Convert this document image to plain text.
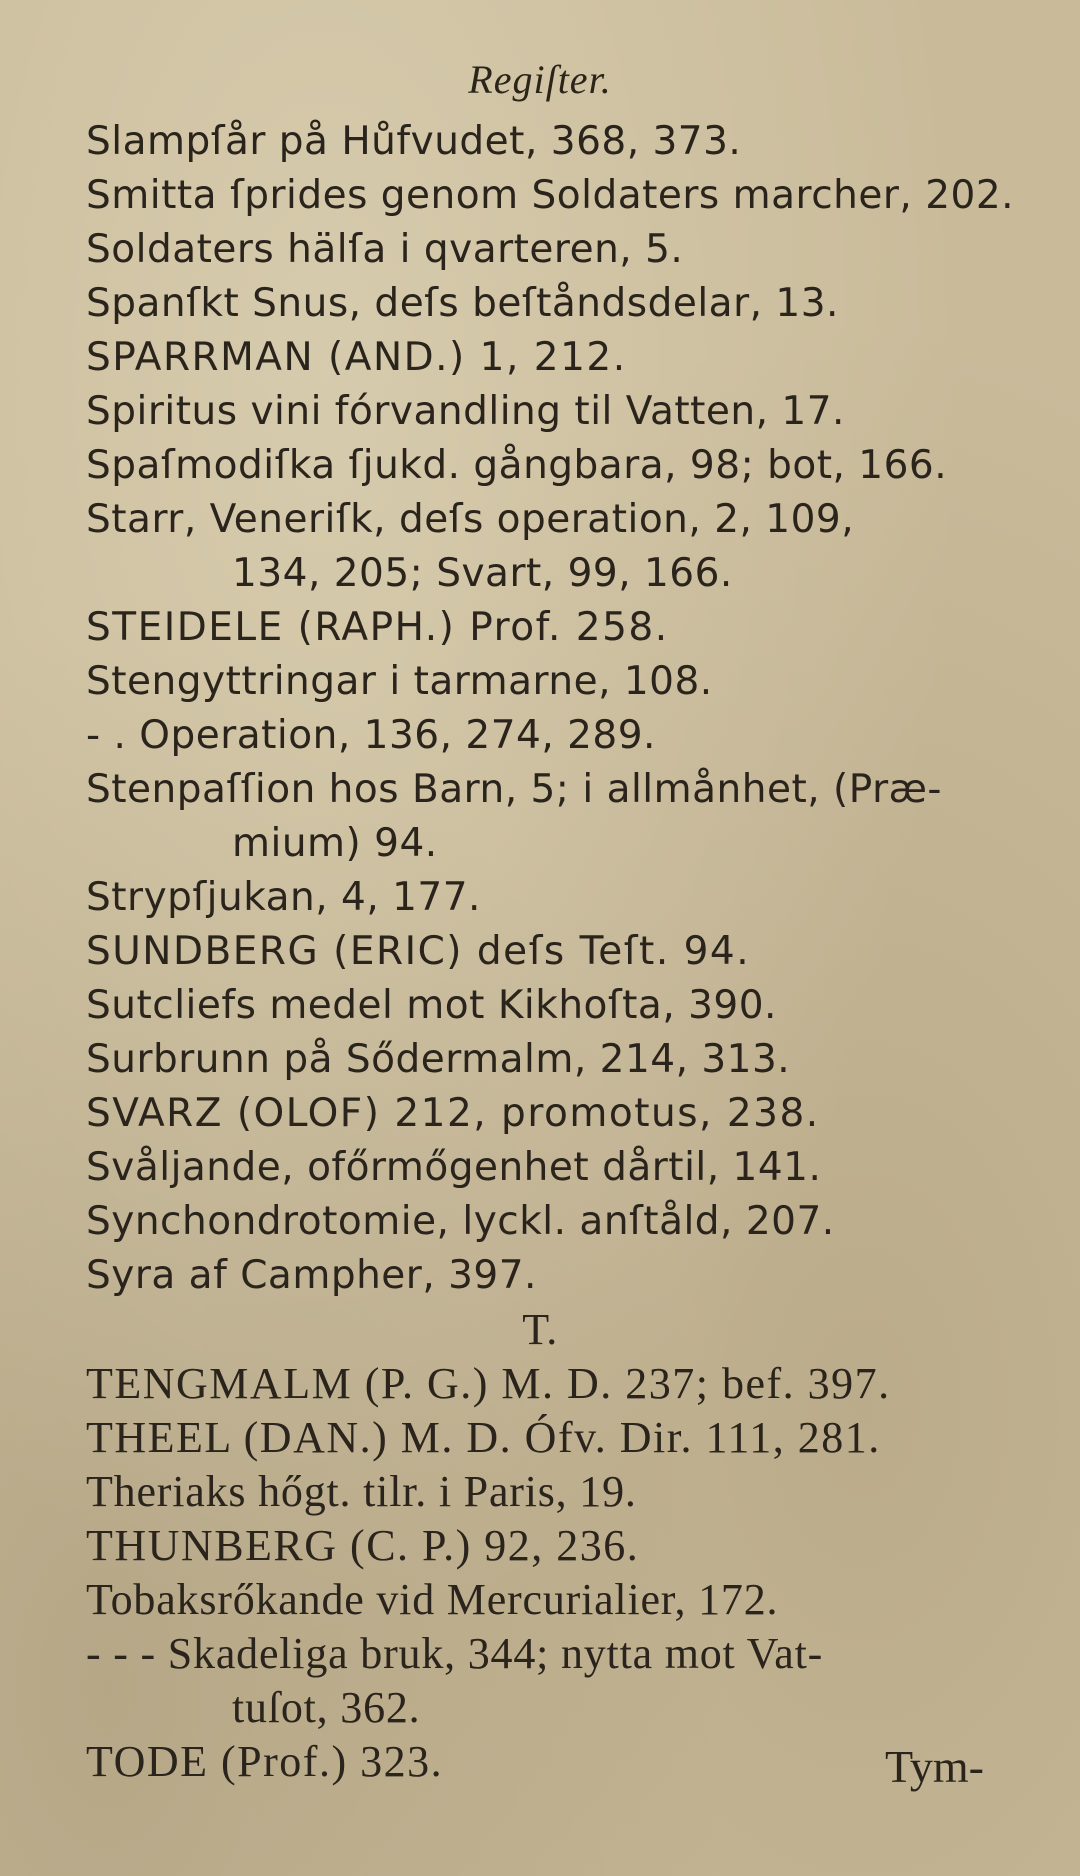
Regiſter.
Slampſår på Hůfvudet, 368, 373.
Smitta ſprides genom Soldaters marcher, 202.
Soldaters hälſa i qvarteren, 5.
Spanſkt Snus, deſs beſtåndsdelar, 13.
SPARRMAN (AND.) 1, 212.
Spiritus vini fórvandling til Vatten, 17.
Spaſmodiſka ſjukd. gångbara, 98; bot, 166.
Starr, Veneriſk, deſs operation, 2, 109,
134, 205; Svart, 99, 166.
STEIDELE (RAPH.) Prof. 258.
Stengyttringar i tarmarne, 108.
- . Operation, 136, 274, 289.
Stenpaſſion hos Barn, 5; i allmånhet, (Præ-
mium) 94.
Strypſjukan, 4, 177.
SUNDBERG (ERIC) deſs Teſt. 94.
Sutcliefs medel mot Kikhoſta, 390.
Surbrunn på Sődermalm, 214, 313.
SVARZ (OLOF) 212, promotus, 238.
Svåljande, ofőrmőgenhet dårtil, 141.
Synchondrotomie, lyckl. anſtåld, 207.
Syra af Campher, 397.
T.
TENGMALM (P. G.) M. D. 237; bef. 397.
THEEL (DAN.) M. D. Ófv. Dir. 111, 281.
Theriaks hőgt. tilr. i Paris, 19.
THUNBERG (C. P.) 92, 236.
Tobaksrőkande vid Mercurialier, 172.
- - - Skadeliga bruk, 344; nytta mot Vat-
tuſot, 362.
TODE (Prof.) 323.	Tym-
